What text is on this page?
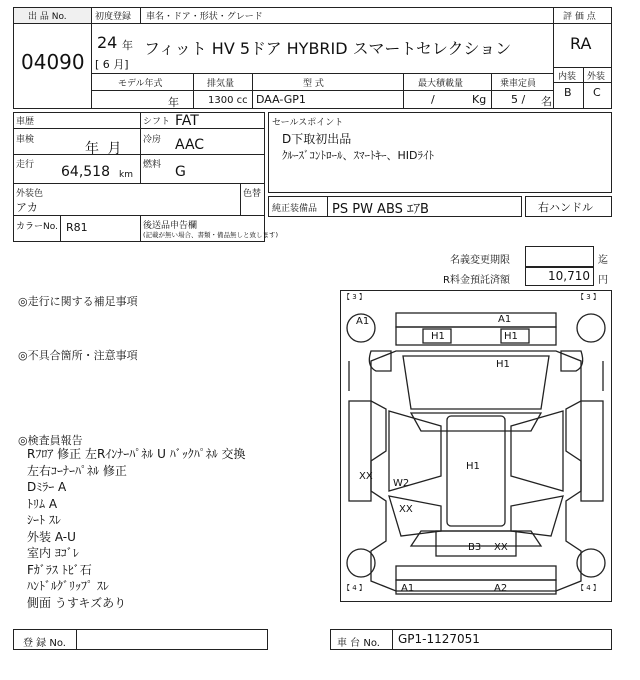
出 品 No.
04090
初度登録 車名・ドア・形状・グレード
24 年
[ 6 月]
フィット HV 5ドア HYBRID スマートセレクション
評 価 点
RA
内装 外装
B C
モデル年式	排気量	型 式	最大積載量	乗車定員
年	1300 cc DAA-GP1	/	Kg 5 / 名
車歴	シフト FAT
車検
年 月
冷房 AAC
走行 64,518 km
燃料 G
外装色
アカ
色替
カラーNo. R81	後送品申告欄
(記載が無い場合、書類・備品無しと致します)
セールスポイント
D下取初出品
ｸﾙｰｽﾞｺﾝﾄﾛｰﾙ、ｽﾏｰﾄｷｰ、HIDﾗｲﾄ
純正装備品 PS PW ABS ｴｱB	右ハンドル
名義変更期限	迄
R料金預託済額	10,710 円
◎走行に関する補足事項
◎不具合箇所・注意事項
◎検査員報告
Rﾌﾛｱ 修正 左Rｲﾝﾅｰﾊﾟﾈﾙ U ﾊﾞｯｸﾊﾟﾈﾙ 交換
左右ｺｰﾅｰﾊﾟﾈﾙ 修正
Dﾐﾗｰ A
ﾄﾘﾑ A
ｼｰﾄ ｽﾚ
外装 A-U
室内 ﾖｺﾞﾚ
Fｶﾞﾗｽ ﾄﾋﾞ石
ﾊﾝﾄﾞﾙｸﾞﾘｯﾌﾟ ｽﾚ
側面 うすキズあり
【 3 】	【 3 】
【 4 】	【 4 】
A1	A1
H1	H1
H1
H1
XX
W2
XX
B3 XX
A1	A2
登 録 No.	車 台 No. GP1-1127051
